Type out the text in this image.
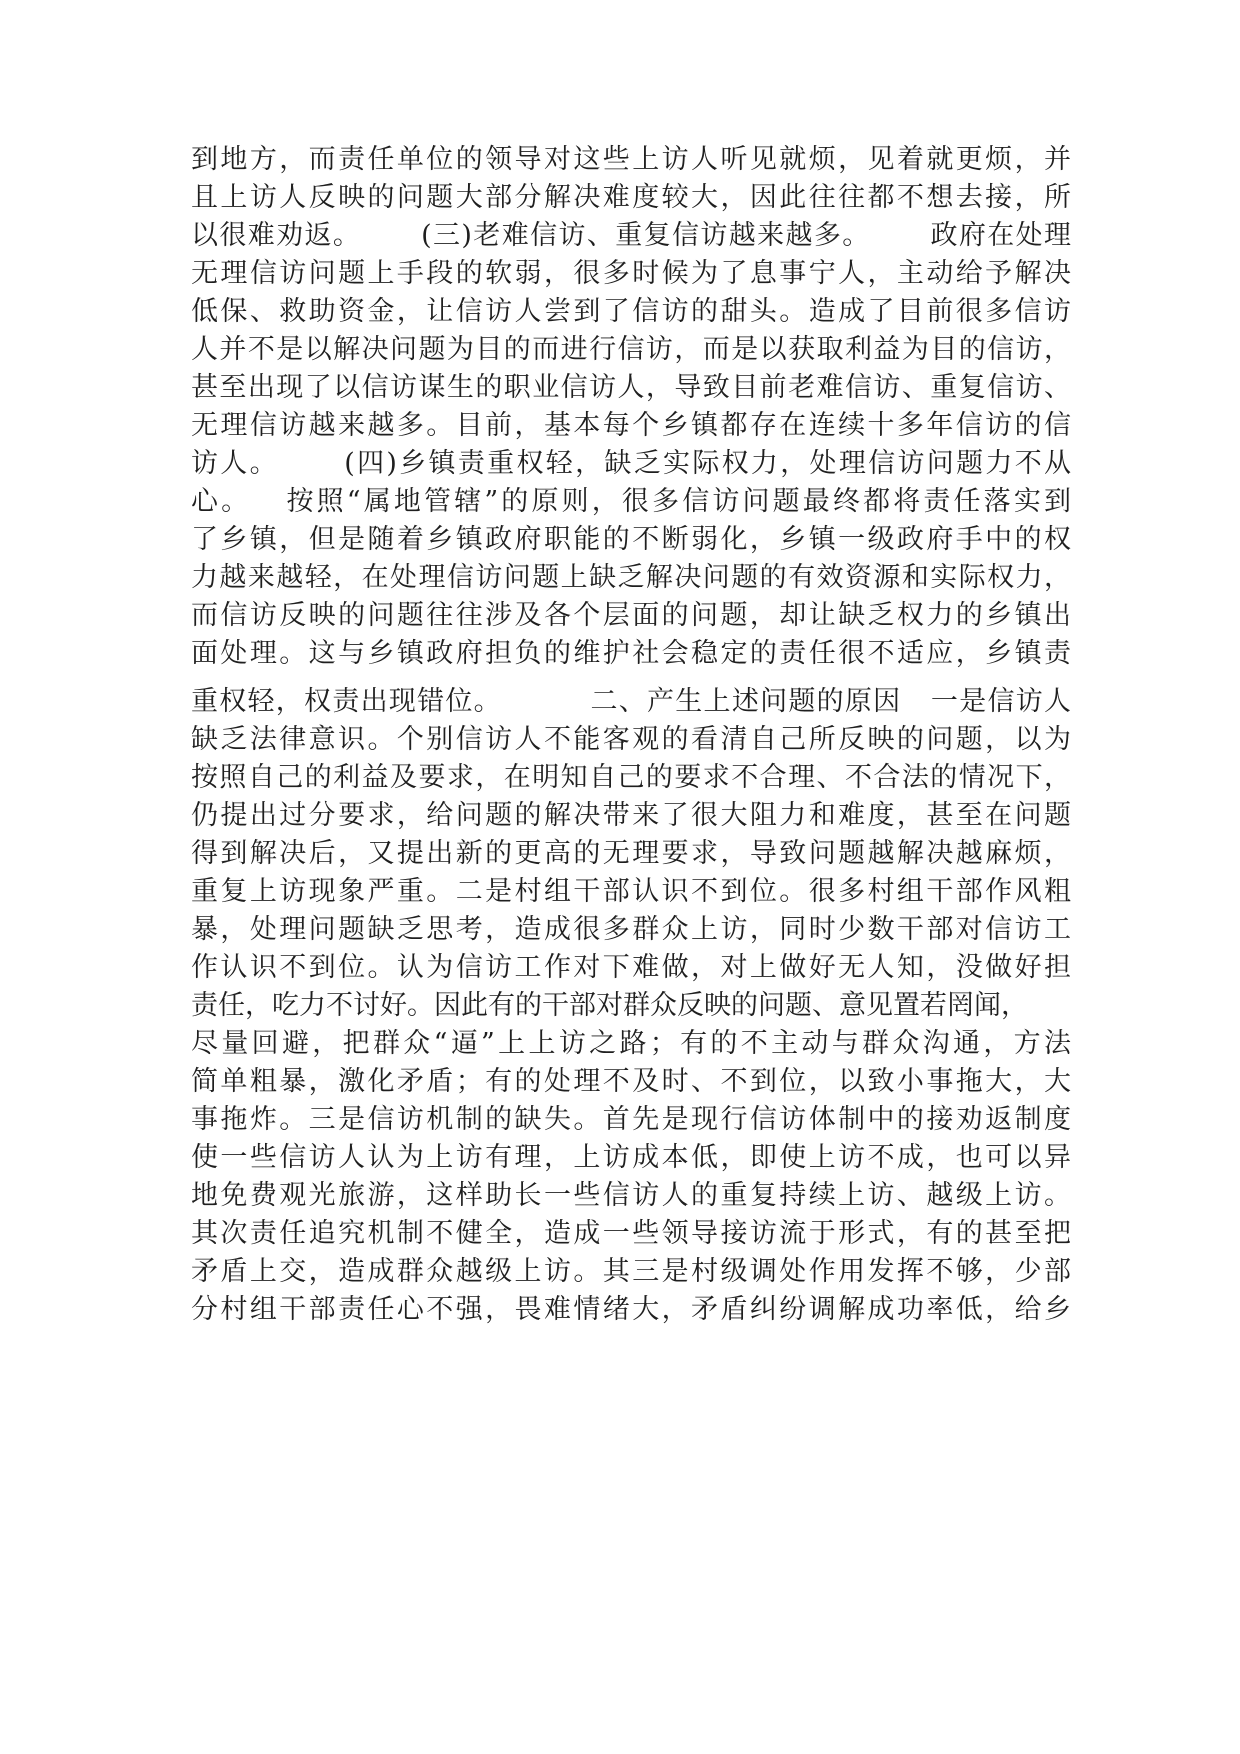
到地方，而责任单位的领导对这些上访人听见就烦，见着就更烦，并
且上访人反映的问题大部分解决难度较大，因此往往都不想去接，所
以很难劝返。      (三)老难信访、重复信访越来越多。      政府在处理
无理信访问题上手段的软弱，很多时候为了息事宁人，主动给予解决
低保、救助资金，让信访人尝到了信访的甜头。造成了目前很多信访
人并不是以解决问题为目的而进行信访，而是以获取利益为目的信访，
甚至出现了以信访谋生的职业信访人，导致目前老难信访、重复信访、
无理信访越来越多。目前，基本每个乡镇都存在连续十多年信访的信
访人。      (四)乡镇责重权轻，缺乏实际权力，处理信访问题力不从
心。   按照“属地管辖”的原则，很多信访问题最终都将责任落实到
了乡镇，但是随着乡镇政府职能的不断弱化，乡镇一级政府手中的权
力越来越轻，在处理信访问题上缺乏解决问题的有效资源和实际权力，
而信访反映的问题往往涉及各个层面的问题，却让缺乏权力的乡镇出
面处理。这与乡镇政府担负的维护社会稳定的责任很不适应，乡镇责
重权轻，权责出现错位。         二、产生上述问题的原因   一是信访人
缺乏法律意识。个别信访人不能客观的看清自己所反映的问题，以为
按照自己的利益及要求，在明知自己的要求不合理、不合法的情况下，
仍提出过分要求，给问题的解决带来了很大阻力和难度，甚至在问题
得到解决后，又提出新的更高的无理要求，导致问题越解决越麻烦，
重复上访现象严重。二是村组干部认识不到位。很多村组干部作风粗
暴，处理问题缺乏思考，造成很多群众上访，同时少数干部对信访工
作认识不到位。认为信访工作对下难做，对上做好无人知，没做好担
责任，吃力不讨好。因此有的干部对群众反映的问题、意见置若罔闻，
尽量回避，把群众“逼”上上访之路；有的不主动与群众沟通，方法
简单粗暴，激化矛盾；有的处理不及时、不到位，以致小事拖大，大
事拖炸。三是信访机制的缺失。首先是现行信访体制中的接劝返制度
使一些信访人认为上访有理，上访成本低，即使上访不成，也可以异
地免费观光旅游，这样助长一些信访人的重复持续上访、越级上访。
其次责任追究机制不健全，造成一些领导接访流于形式，有的甚至把
矛盾上交，造成群众越级上访。其三是村级调处作用发挥不够，少部
分村组干部责任心不强，畏难情绪大，矛盾纠纷调解成功率低，给乡
